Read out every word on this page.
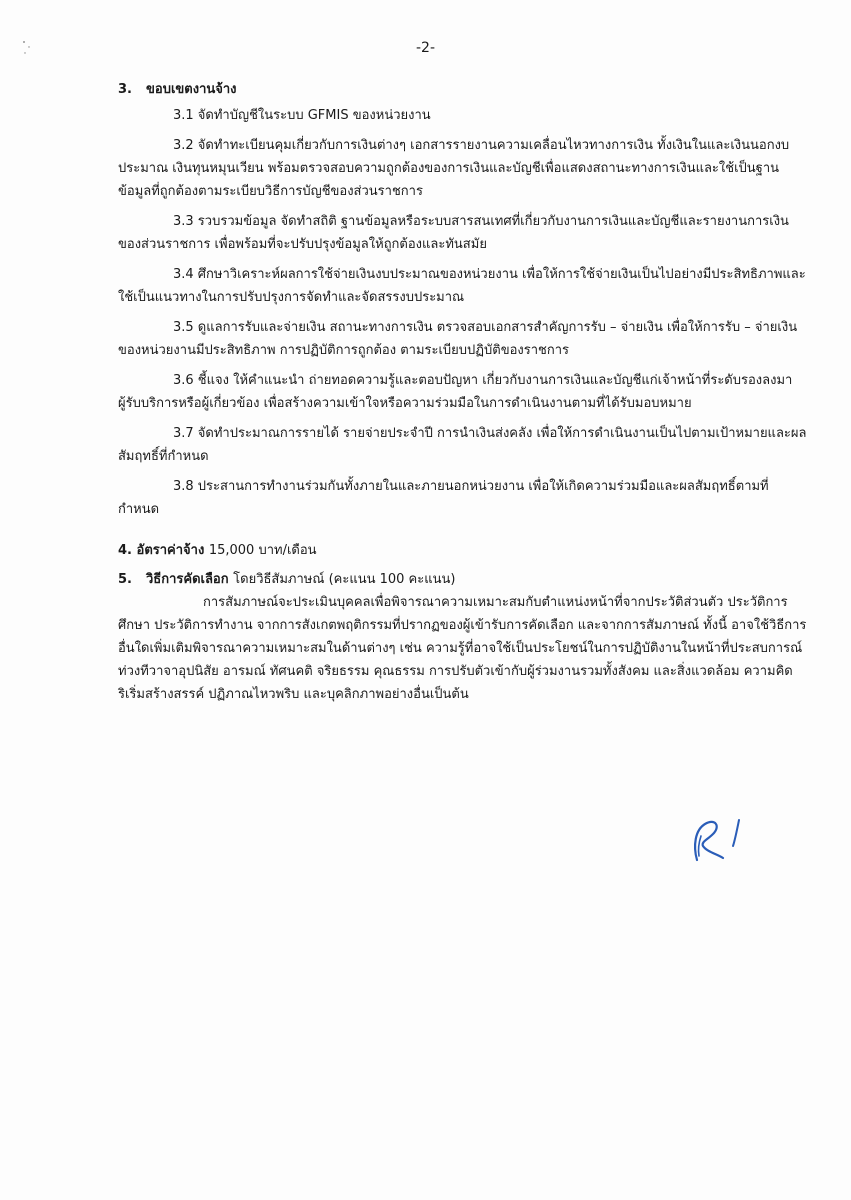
-2-

3. ขอบเขตงานจ้าง

3.1 จัดทำบัญชีในระบบ GFMIS ของหน่วยงาน

3.2 จัดทำทะเบียนคุมเกี่ยวกับการเงินต่างๆ เอกสารรายงานความเคลื่อนไหวทางการเงิน ทั้งเงินในและเงินนอกงบประมาณ เงินทุนหมุนเวียน พร้อมตรวจสอบความถูกต้องของการเงินและบัญชีเพื่อแสดงสถานะทางการเงินและใช้เป็นฐานข้อมูลที่ถูกต้องตามระเบียบวิธีการบัญชีของส่วนราชการ

3.3 รวบรวมข้อมูล จัดทำสถิติ ฐานข้อมูลหรือระบบสารสนเทศที่เกี่ยวกับงานการเงินและบัญชีและรายงานการเงินของส่วนราชการ เพื่อพร้อมที่จะปรับปรุงข้อมูลให้ถูกต้องและทันสมัย

3.4 ศึกษาวิเคราะห์ผลการใช้จ่ายเงินงบประมาณของหน่วยงาน เพื่อให้การใช้จ่ายเงินเป็นไปอย่างมีประสิทธิภาพและใช้เป็นแนวทางในการปรับปรุงการจัดทำและจัดสรรงบประมาณ

3.5 ดูแลการรับและจ่ายเงิน สถานะทางการเงิน ตรวจสอบเอกสารสำคัญการรับ – จ่ายเงิน เพื่อให้การรับ – จ่ายเงินของหน่วยงานมีประสิทธิภาพ การปฏิบัติการถูกต้อง ตามระเบียบปฏิบัติของราชการ

3.6 ชี้แจง ให้คำแนะนำ ถ่ายทอดความรู้และตอบปัญหา เกี่ยวกับงานการเงินและบัญชีแก่เจ้าหน้าที่ระดับรองลงมา ผู้รับบริการหรือผู้เกี่ยวข้อง เพื่อสร้างความเข้าใจหรือความร่วมมือในการดำเนินงานตามที่ได้รับมอบหมาย

3.7 จัดทำประมาณการรายได้ รายจ่ายประจำปี การนำเงินส่งคลัง เพื่อให้การดำเนินงานเป็นไปตามเป้าหมายและผลสัมฤทธิ์ที่กำหนด

3.8 ประสานการทำงานร่วมกันทั้งภายในและภายนอกหน่วยงาน เพื่อให้เกิดความร่วมมือและผลสัมฤทธิ์ตามที่กำหนด

4. อัตราค่าจ้าง 15,000 บาท/เดือน

5. วิธีการคัดเลือก โดยวิธีสัมภาษณ์ (คะแนน 100 คะแนน)

การสัมภาษณ์จะประเมินบุคคลเพื่อพิจารณาความเหมาะสมกับตำแหน่งหน้าที่จากประวัติส่วนตัว ประวัติการศึกษา ประวัติการทำงาน จากการสังเกตพฤติกรรมที่ปรากฏของผู้เข้ารับการคัดเลือก และจากการสัมภาษณ์ ทั้งนี้ อาจใช้วิธีการอื่นใดเพิ่มเติมพิจารณาความเหมาะสมในด้านต่างๆ เช่น ความรู้ที่อาจใช้เป็นประโยชน์ในการปฏิบัติงานในหน้าที่ประสบการณ์ ท่วงทีวาจาอุปนิสัย อารมณ์ ทัศนคติ จริยธรรม คุณธรรม การปรับตัวเข้ากับผู้ร่วมงานรวมทั้งสังคม และสิ่งแวดล้อม ความคิดริเริ่มสร้างสรรค์ ปฏิภาณไหวพริบ และบุคลิกภาพอย่างอื่นเป็นต้น
